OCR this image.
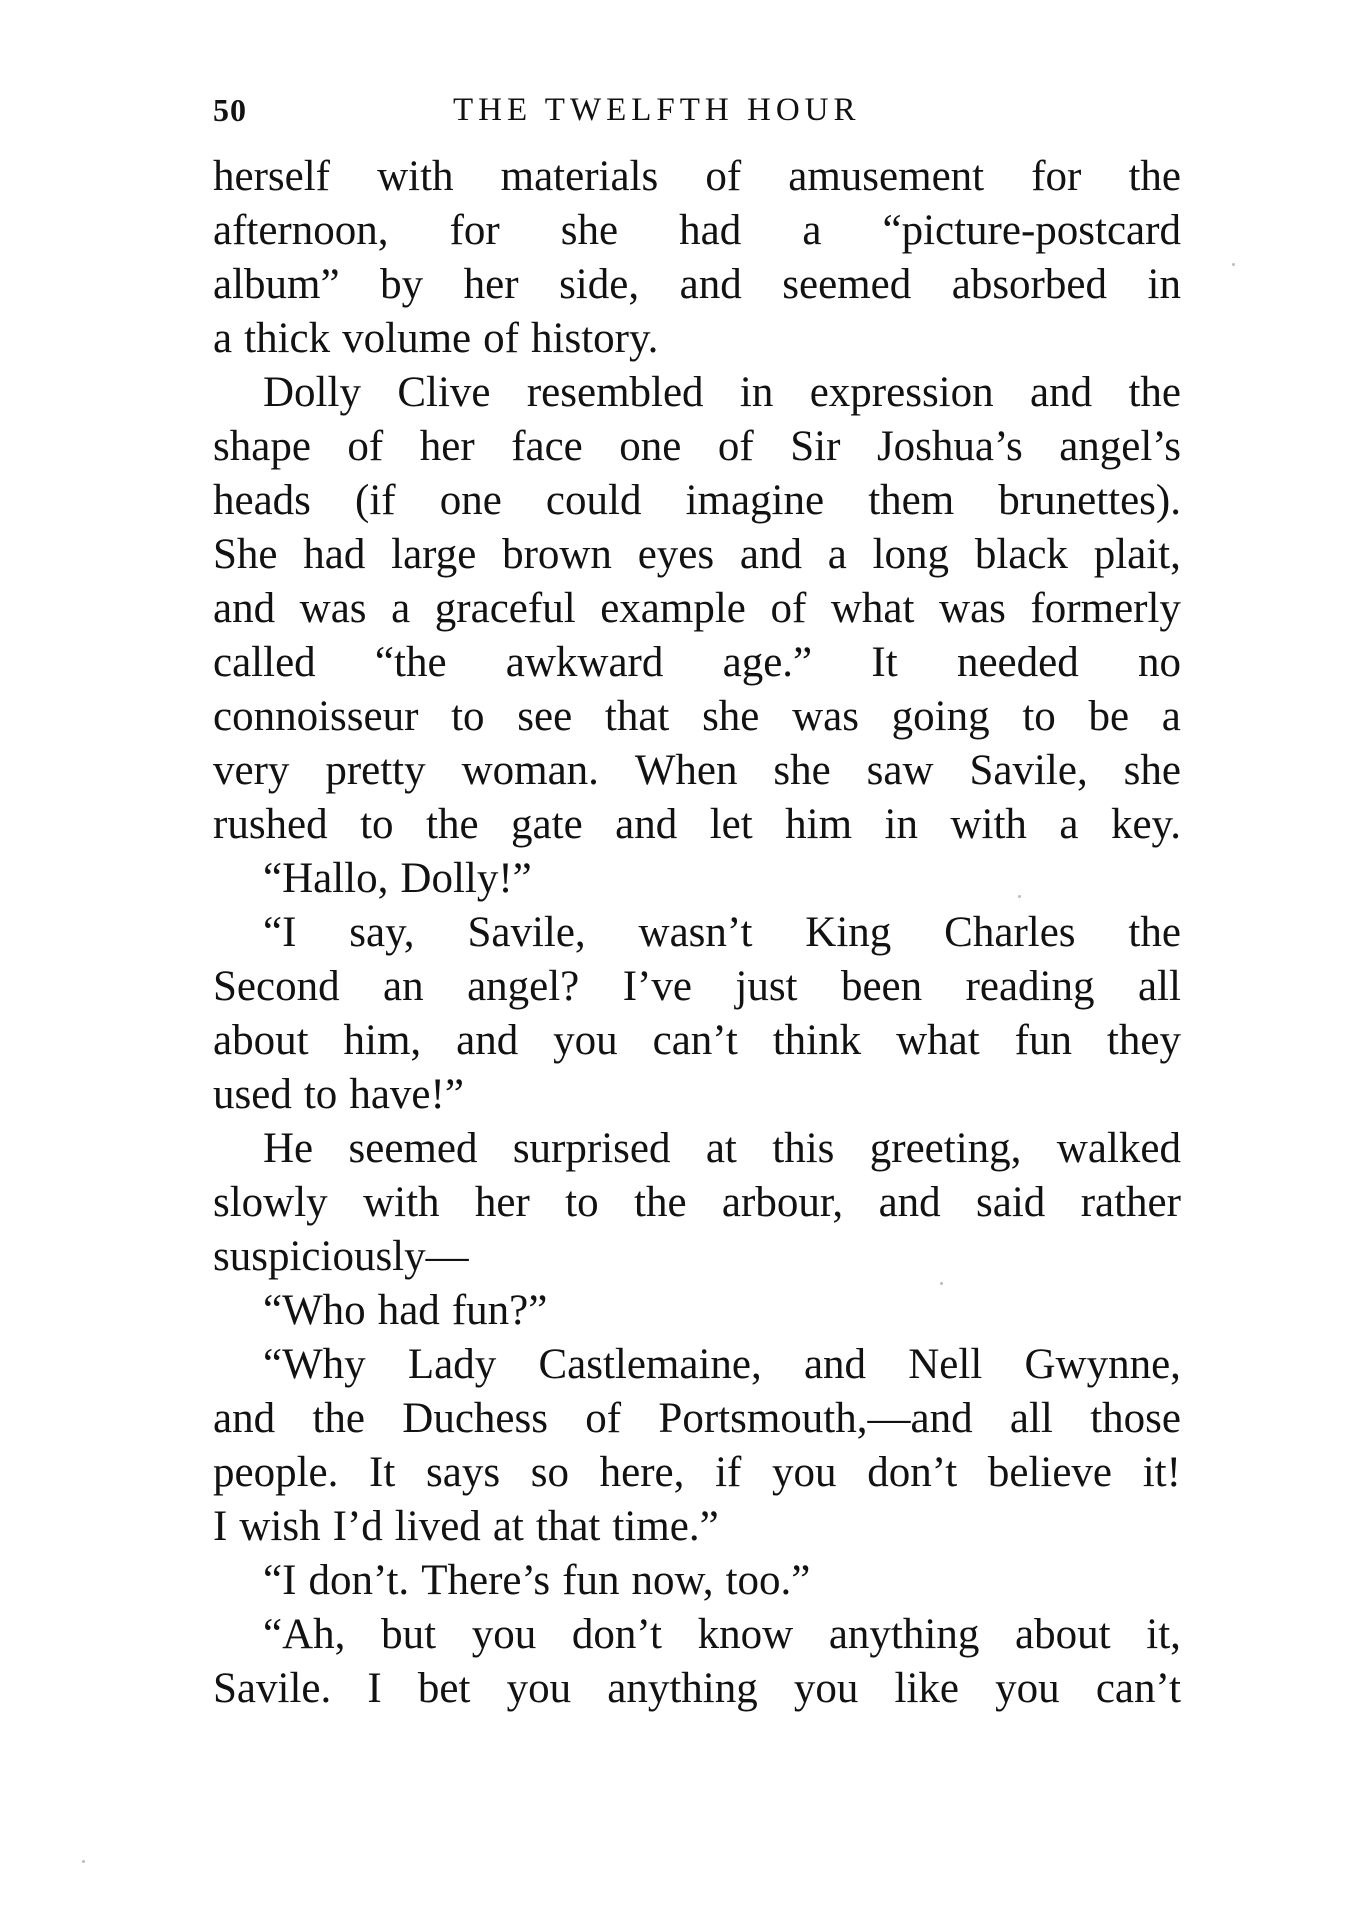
50	THE TWELFTH HOUR
herself with materials of amusement for the
afternoon, for she had a “picture-postcard
album” by her side, and seemed absorbed in
a thick volume of history.
Dolly Clive resembled in expression and the
shape of her face one of Sir Joshua’s angel’s
heads (if one could imagine them brunettes).
She had large brown eyes and a long black plait,
and was a graceful example of what was formerly
called “the awkward age.” It needed no
connoisseur to see that she was going to be a
very pretty woman. When she saw Savile, she
rushed to the gate and let him in with a key.
“Hallo, Dolly!”
“I say, Savile, wasn’t King Charles the
Second an angel? I’ve just been reading all
about him, and you can’t think what fun they
used to have!”
He seemed surprised at this greeting, walked
slowly with her to the arbour, and said rather
suspiciously—
“Who had fun?”
“Why Lady Castlemaine, and Nell Gwynne,
and the Duchess of Portsmouth,—and all those
people. It says so here, if you don’t believe it!
I wish I’d lived at that time.”
“I don’t. There’s fun now, too.”
“Ah, but you don’t know anything about it,
Savile. I bet you anything you like you can’t
